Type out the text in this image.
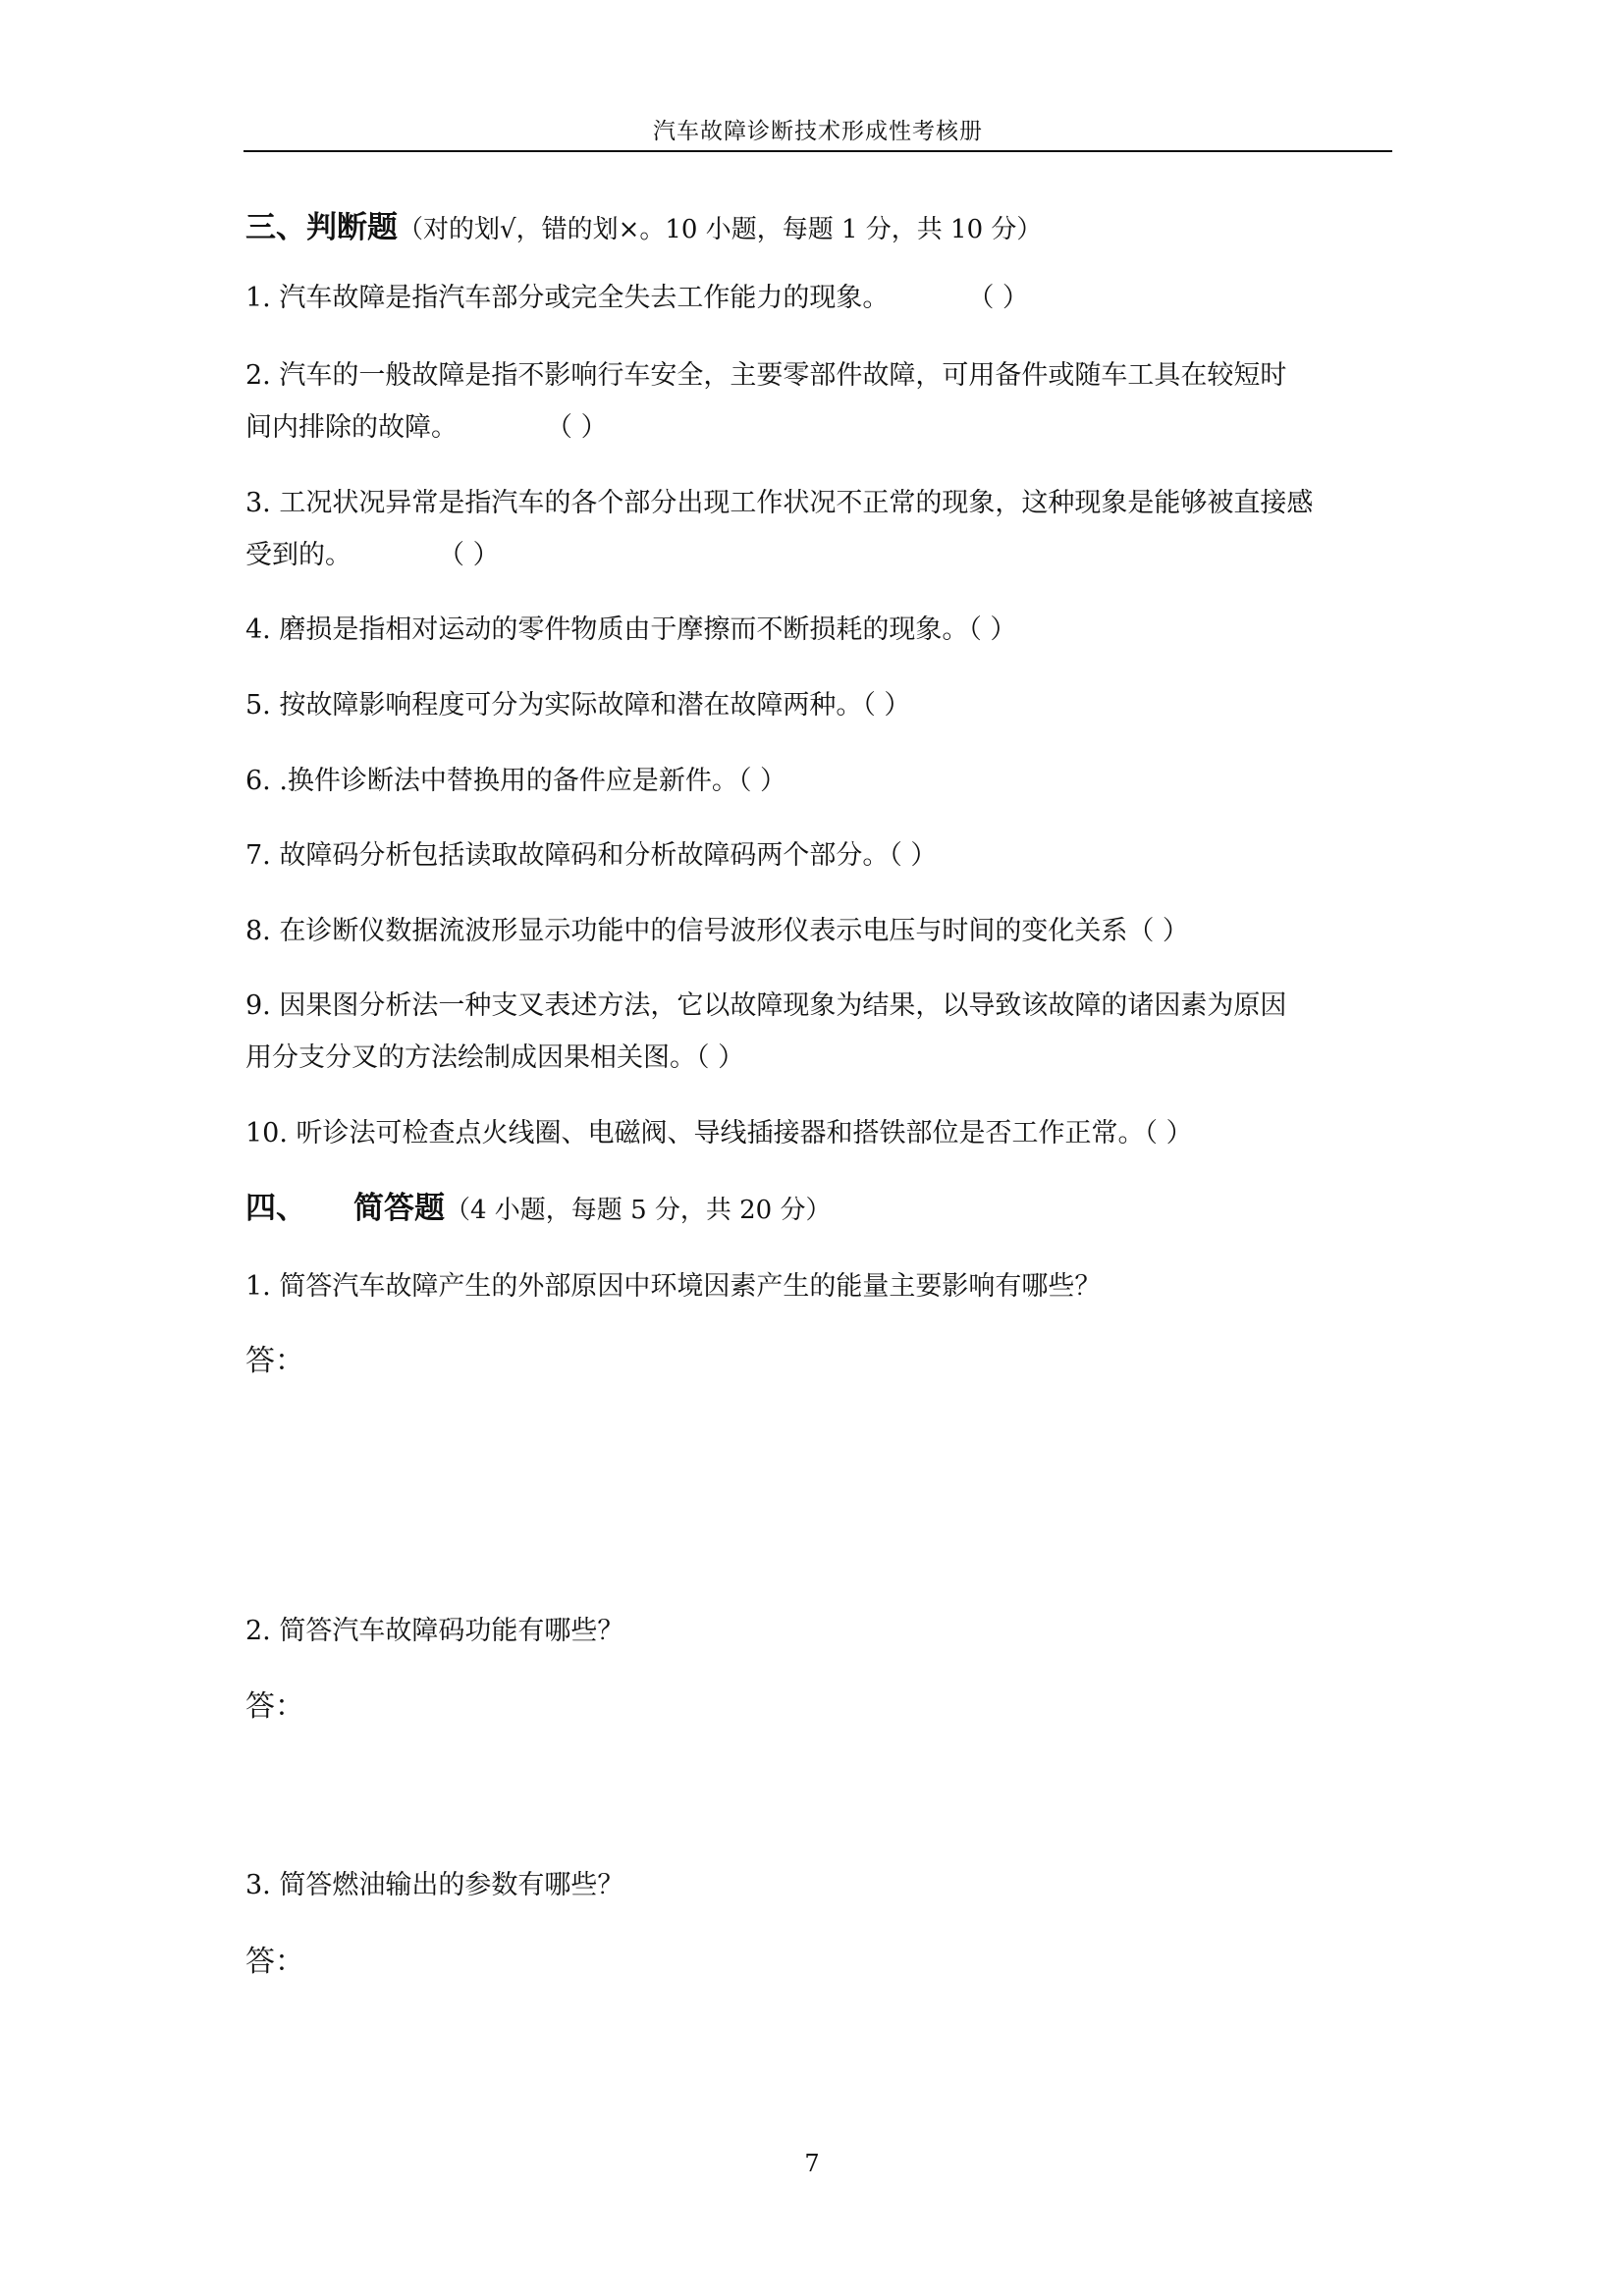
汽车故障诊断技术形成性考核册
三、判断题（对的划√，错的划×。10 小题，每题 1 分，共 10 分）
1. 汽车故障是指汽车部分或完全失去工作能力的现象。	（ ）
2. 汽车的一般故障是指不影响行车安全，主要零部件故障，可用备件或随车工具在较短时
间内排除的故障。	（ ）
3. 工况状况异常是指汽车的各个部分出现工作状况不正常的现象，这种现象是能够被直接感
受到的。	（ ）
4. 磨损是指相对运动的零件物质由于摩擦而不断损耗的现象。（ ）
5. 按故障影响程度可分为实际故障和潜在故障两种。（ ）
6. .换件诊断法中替换用的备件应是新件。（ ）
7. 故障码分析包括读取故障码和分析故障码两个部分。（ ）
8. 在诊断仪数据流波形显示功能中的信号波形仪表示电压与时间的变化关系（ ）
9. 因果图分析法一种支叉表述方法，它以故障现象为结果，以导致该故障的诸因素为原因
用分支分叉的方法绘制成因果相关图。（ ）
10. 听诊法可检查点火线圈、电磁阀、导线插接器和搭铁部位是否工作正常。（ ）
四、 简答题（4 小题，每题 5 分，共 20 分）
1. 简答汽车故障产生的外部原因中环境因素产生的能量主要影响有哪些？
答：
2. 简答汽车故障码功能有哪些？
答：
3. 简答燃油输出的参数有哪些？
答：
7
